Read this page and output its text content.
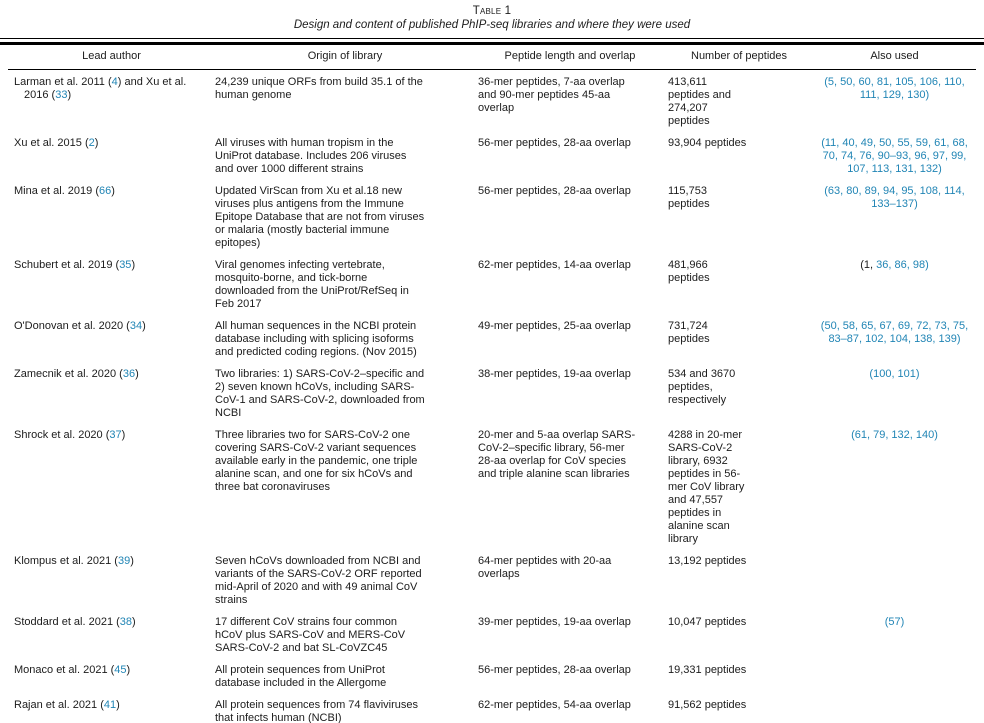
Table 1
Design and content of published PhIP-seq libraries and where they were used
Lead author	Origin of library	Peptide length and overlap	Number of peptides	Also used

Larman et al. 2011 (4) and Xu et al. 2016 (33)	24,239 unique ORFs from build 35.1 of the human genome	36-mer peptides, 7-aa overlap and 90-mer peptides 45-aa overlap	413,611 peptides and 274,207 peptides	(5, 50, 60, 81, 105, 106, 110, 111, 129, 130)

Xu et al. 2015 (2)	All viruses with human tropism in the UniProt database. Includes 206 viruses and over 1000 different strains	56-mer peptides, 28-aa overlap	93,904 peptides	(11, 40, 49, 50, 55, 59, 61, 68, 70, 74, 76, 90–93, 96, 97, 99, 107, 113, 131, 132)

Mina et al. 2019 (66)	Updated VirScan from Xu et al.18 new viruses plus antigens from the Immune Epitope Database that are not from viruses or malaria (mostly bacterial immune epitopes)	56-mer peptides, 28-aa overlap	115,753 peptides	(63, 80, 89, 94, 95, 108, 114, 133–137)

Schubert et al. 2019 (35)	Viral genomes infecting vertebrate, mosquito-borne, and tick-borne downloaded from the UniProt/RefSeq in Feb 2017	62-mer peptides, 14-aa overlap	481,966 peptides	(1, 36, 86, 98)

O'Donovan et al. 2020 (34)	All human sequences in the NCBI protein database including with splicing isoforms and predicted coding regions. (Nov 2015)	49-mer peptides, 25-aa overlap	731,724 peptides	(50, 58, 65, 67, 69, 72, 73, 75, 83–87, 102, 104, 138, 139)

Zamecnik et al. 2020 (36)	Two libraries: 1) SARS-CoV-2–specific and 2) seven known hCoVs, including SARS-CoV-1 and SARS-CoV-2, downloaded from NCBI	38-mer peptides, 19-aa overlap	534 and 3670 peptides, respectively	(100, 101)

Shrock et al. 2020 (37)	Three libraries two for SARS-CoV-2 one covering SARS-CoV-2 variant sequences available early in the pandemic, one triple alanine scan, and one for six hCoVs and three bat coronaviruses	20-mer and 5-aa overlap SARS-CoV-2–specific library, 56-mer 28-aa overlap for CoV species and triple alanine scan libraries	4288 in 20-mer SARS-CoV-2 library, 6932 peptides in 56-mer CoV library and 47,557 peptides in alanine scan library	(61, 79, 132, 140)

Klompus et al. 2021 (39)	Seven hCoVs downloaded from NCBI and variants of the SARS-CoV-2 ORF reported mid-April of 2020 and with 49 animal CoV strains	64-mer peptides with 20-aa overlaps	13,192 peptides	

Stoddard et al. 2021 (38)	17 different CoV strains four common hCoV plus SARS-CoV and MERS-CoV SARS-CoV-2 and bat SL-CoVZC45	39-mer peptides, 19-aa overlap	10,047 peptides	(57)

Monaco et al. 2021 (45)	All protein sequences from UniProt database included in the Allergome	56-mer peptides, 28-aa overlap	19,331 peptides	

Rajan et al. 2021 (41)	All protein sequences from 74 flaviviruses that infects human (NCBI)	62-mer peptides, 54-aa overlap	91,562 peptides	
